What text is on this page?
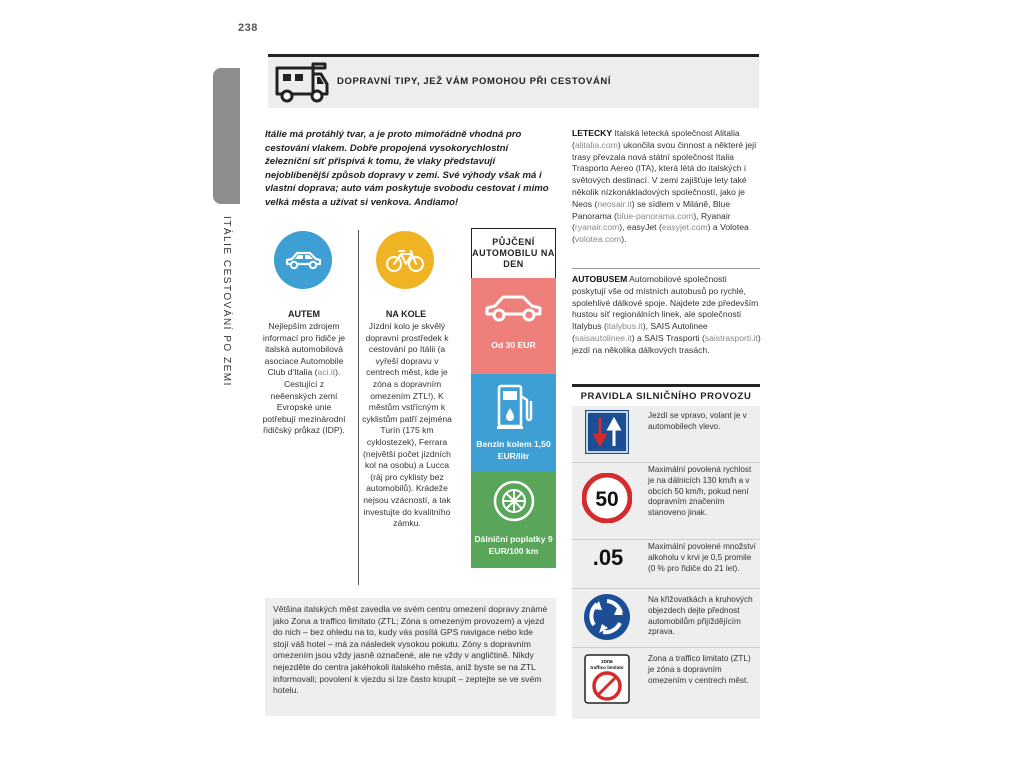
238
ITÁLIE CESTOVÁNÍ PO ZEMI
DOPRAVNÍ TIPY, JEŽ VÁM POMOHOU PŘI CESTOVÁNÍ
Itálie má protáhlý tvar, a je proto mimořádně vhodná pro cestování vlakem. Dobře propojená vysokorychlostní železniční síť přispívá k tomu, že vlaky představují nejoblíbenější způsob dopravy v zemi. Své výhody však má i vlastní doprava; auto vám poskytuje svobodu cestovat i mimo velká města a užívat si venkova. Andiamo!
AUTEM
Nejlepším zdrojem informací pro řidiče je italská automobilová asociace Automobile Club d'Italia (aci.it). Cestující z neěenských zemí Evropské unie potřebují mezinárodní řidičský průkaz (IDP).
NA KOLE
Jízdní kolo je skvělý dopravní prostředek k cestování po Itálii (a vyřeší dopravu v centrech měst, kde je zóna s dopravním omezením ZTL!). K městům vstřícným k cyklistům patří zejména Turín (175 km cyklostezek), Ferrara (největší počet jízdních kol na osobu) a Lucca (ráj pro cyklisty bez automobilů). Krádeže nejsou vzácností, a tak investujte do kvalitního zámku.
PŮJČENÍ AUTOMOBILU NA DEN
Od 30 EUR
Benzin kolem 1,50 EUR/litr
Dálniční poplatky 9 EUR/100 km
Většina italských měst zavedla ve svém centru omezení dopravy známé jako Zona a traffico limitato (ZTL; Zóna s omezeným provozem) a vjezd do nich – bez ohledu na to, kudy vás posílá GPS navigace nebo kde stojí váš hotel – má za následek vysokou pokutu. Zóny s dopravním omezením jsou vždy jasně označené, ale ne vždy v angličtině. Nikdy nejezděte do centra jakéhokoli italského města, aniž byste se na ZTL informovali; povolení k vjezdu si lze často koupit – zeptejte se ve svém hotelu.
LETECKY Italská letecká společnost Alitalia (alitalia.com) ukončila svou činnost a některé její trasy převzala nová státní společnost Italia Trasporto Aereo (ITA), která létá do italských i světových destinací. V zemi zajišťuje lety také několik nízkonákladových společností, jako je Neos (neosair.it) se sídlem v Miláně, Blue Panorama (blue-panorama.com), Ryanair (ryanair.com), easyJet (easyjet.com) a Volotea (volotea.com).
AUTOBUSEM Automobilové společnosti poskytují vše od místních autobusů po rychlé, spolehlivé dálkové spoje. Najdete zde především hustou síť regionálních linek, ale společnosti Italybus (italybus.it), SAIS Autolinee (saisautolinee.it) a SAIS Trasporti (saistrasporti.it) jezdí na několika dálkových trasách.
PRAVIDLA SILNIČNÍHO PROVOZU
Jezdí se vpravo, volant je v automobilech vlevo.
50
Maximální povolená rychlost je na dálnicích 130 km/h a v obcích 50 km/h, pokud není dopravním značením stanoveno jinak.
.05	Maximální povolené množství alkoholu v krvi je 0,5 promile (0 % pro řidiče do 21 let).
Na křižovatkách a kruhových objezdech dejte přednost automobilům přijíždějícím zprava.
zona
traffico limitato
Zona a traffico limitato (ZTL) je zóna s dopravním omezením v centrech měst.
